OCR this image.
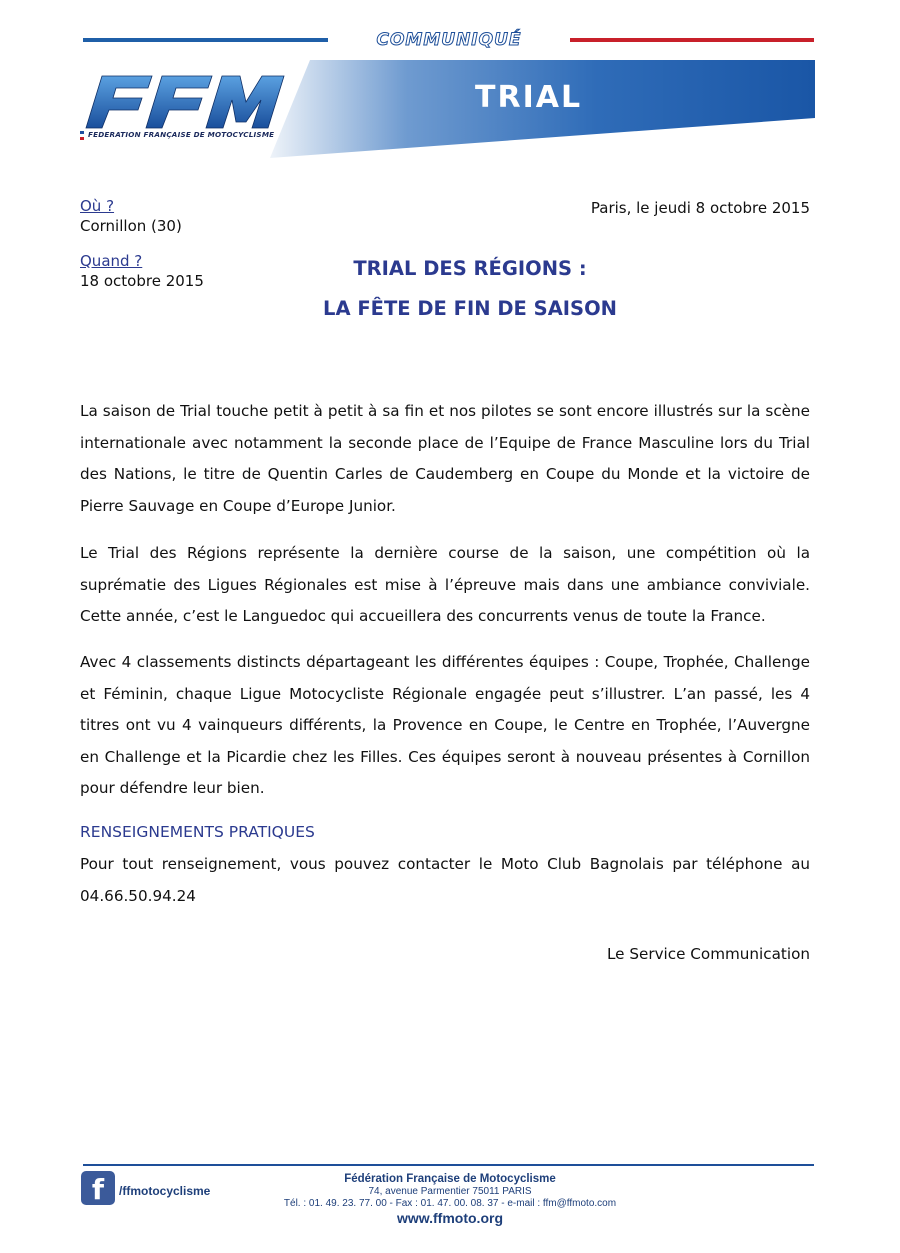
COMMUNIQUÉ
FEDERATION FRANÇAISE DE MOTOCYCLISME
TRIAL
Où ?
Cornillon (30)
Quand ?
18 octobre 2015
Paris, le jeudi 8 octobre 2015
TRIAL DES RÉGIONS :
LA FÊTE DE FIN DE SAISON
La saison de Trial touche petit à petit à sa fin et nos pilotes se sont encore illustrés sur la scène internationale avec notamment la seconde place de l’Equipe de France Masculine lors du Trial des Nations, le titre de Quentin Carles de Caudemberg en Coupe du Monde et la victoire de Pierre Sauvage en Coupe d’Europe Junior.
Le Trial des Régions représente la dernière course de la saison, une compétition où la suprématie des Ligues Régionales est mise à l’épreuve mais dans une ambiance conviviale. Cette année, c’est le Languedoc qui accueillera des concurrents venus de toute la France.
Avec 4 classements distincts départageant les différentes équipes : Coupe, Trophée, Challenge et Féminin, chaque Ligue Motocycliste Régionale engagée peut s’illustrer. L’an passé, les 4 titres ont vu 4 vainqueurs différents, la Provence en Coupe, le Centre en Trophée, l’Auvergne en Challenge et la Picardie chez les Filles. Ces équipes seront à nouveau présentes à Cornillon pour défendre leur bien.
RENSEIGNEMENTS PRATIQUES
Pour tout renseignement, vous pouvez contacter le Moto Club Bagnolais par téléphone au 04.66.50.94.24
Le Service Communication
f	/ffmotocyclisme
Fédération Française de Motocyclisme
74, avenue Parmentier 75011 PARIS
Tél. : 01. 49. 23. 77. 00 - Fax : 01. 47. 00. 08. 37 - e-mail : ffm@ffmoto.com
www.ffmoto.org
